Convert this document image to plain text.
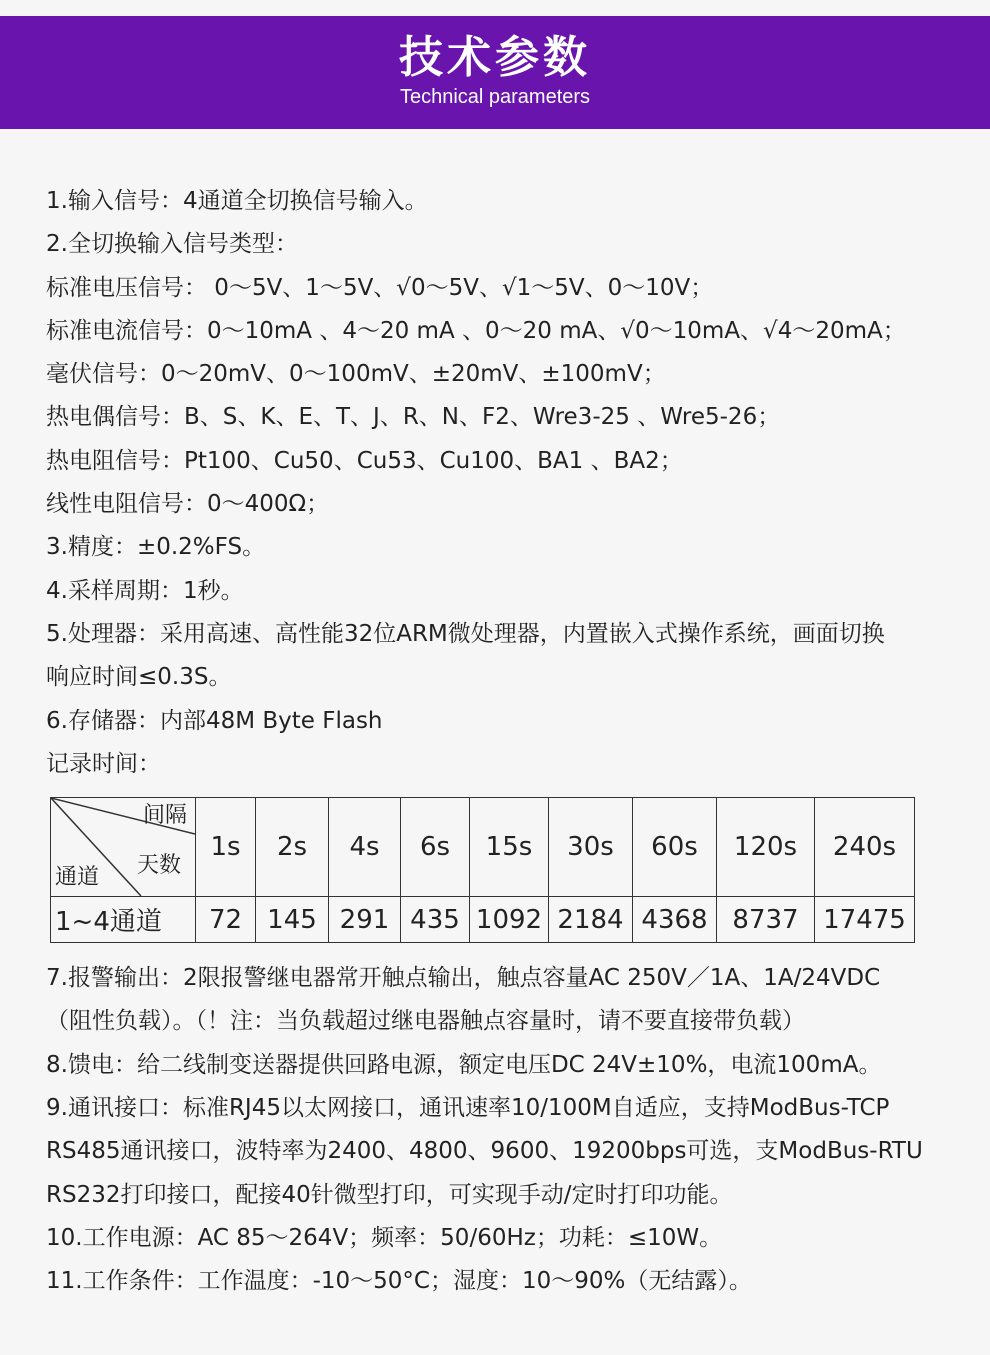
技术参数
Technical parameters
1.输入信号：4通道全切换信号输入。
2.全切换输入信号类型：
标准电压信号： 0～5V、1～5V、√0～5V、√1～5V、0～10V；
标准电流信号：0～10mA 、4～20 mA 、0～20 mA、√0～10mA、√4～20mA；
毫伏信号：0～20mV、0～100mV、±20mV、±100mV；
热电偶信号：B、S、K、E、T、J、R、N、F2、Wre3-25 、Wre5-26；
热电阻信号：Pt100、Cu50、Cu53、Cu100、BA1 、BA2；
线性电阻信号：0～400Ω；
3.精度：±0.2%FS。
4.采样周期：1秒。
5.处理器：采用高速、高性能32位ARM微处理器，内置嵌入式操作系统，画面切换
响应时间≤0.3S。
6.存储器：内部48M Byte Flash
记录时间：
间隔
天数
通道	1s	2s	4s	6s	15s	30s	60s	120s	240s
1~4通道	72	145	291	435	1092	2184	4368	8737	17475
7.报警输出：2限报警继电器常开触点输出，触点容量AC 250V／1A、1A/24VDC
（阻性负载）。（！注：当负载超过继电器触点容量时，请不要直接带负载）
8.馈电：给二线制变送器提供回路电源，额定电压DC 24V±10%，电流100mA。
9.通讯接口：标准RJ45以太网接口，通讯速率10/100M自适应，支持ModBus-TCP
RS485通讯接口，波特率为2400、4800、9600、19200bps可选，支ModBus-RTU
RS232打印接口，配接40针微型打印，可实现手动/定时打印功能。
10.工作电源：AC 85～264V；频率：50/60Hz；功耗：≤10W。
11.工作条件：工作温度：-10～50°C；湿度：10～90%（无结露）。
